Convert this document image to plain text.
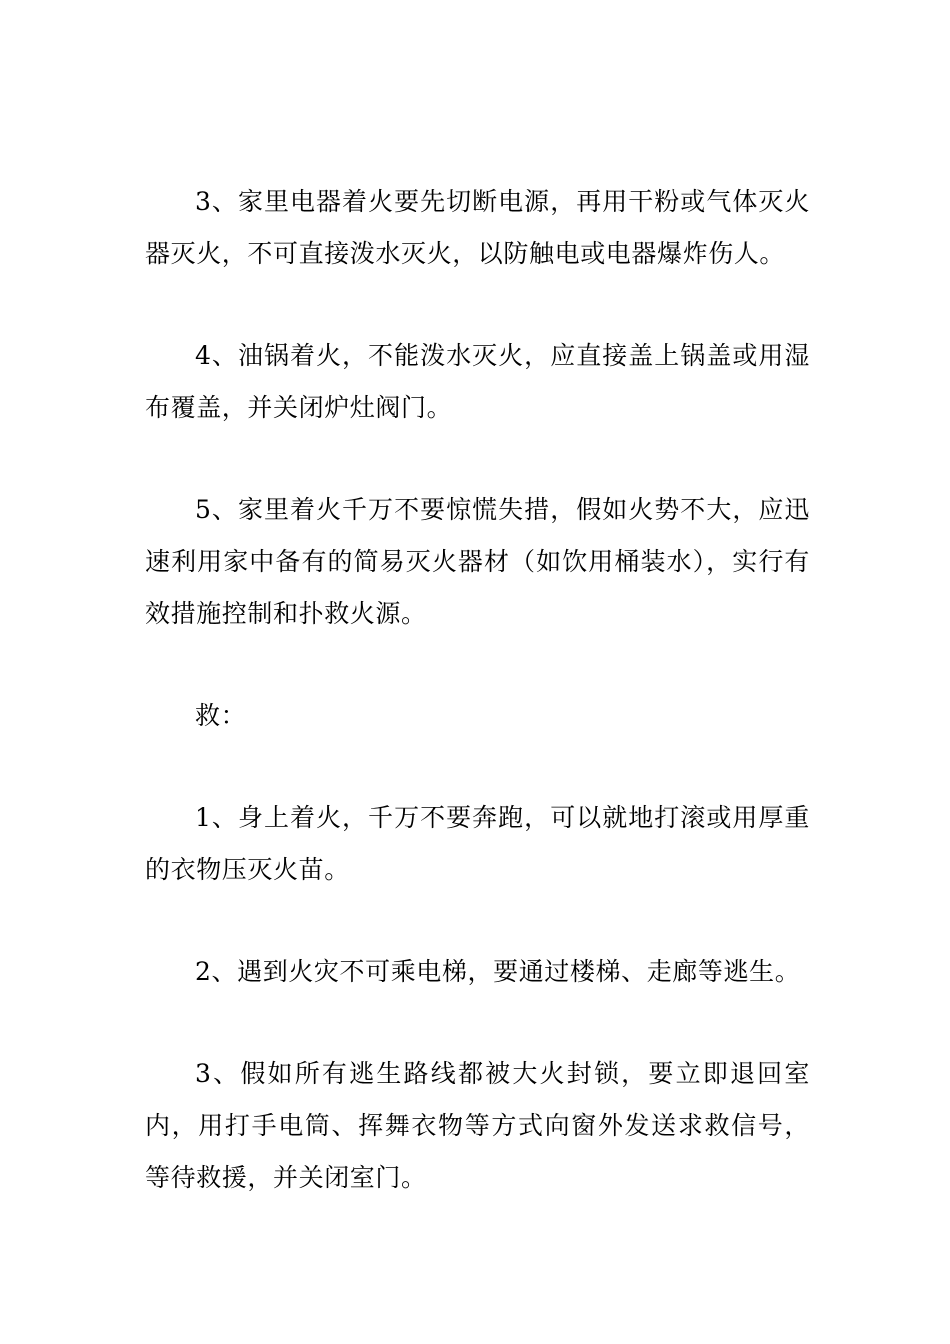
3、家里电器着火要先切断电源，再用干粉或气体灭火器灭火，不可直接泼水灭火，以防触电或电器爆炸伤人。

4、油锅着火，不能泼水灭火，应直接盖上锅盖或用湿布覆盖，并关闭炉灶阀门。

5、家里着火千万不要惊慌失措，假如火势不大，应迅速利用家中备有的简易灭火器材（如饮用桶装水），实行有效措施控制和扑救火源。

救：

1、身上着火，千万不要奔跑，可以就地打滚或用厚重的衣物压灭火苗。

2、遇到火灾不可乘电梯，要通过楼梯、走廊等逃生。

3、假如所有逃生路线都被大火封锁，要立即退回室内，用打手电筒、挥舞衣物等方式向窗外发送求救信号，等待救援，并关闭室门。
